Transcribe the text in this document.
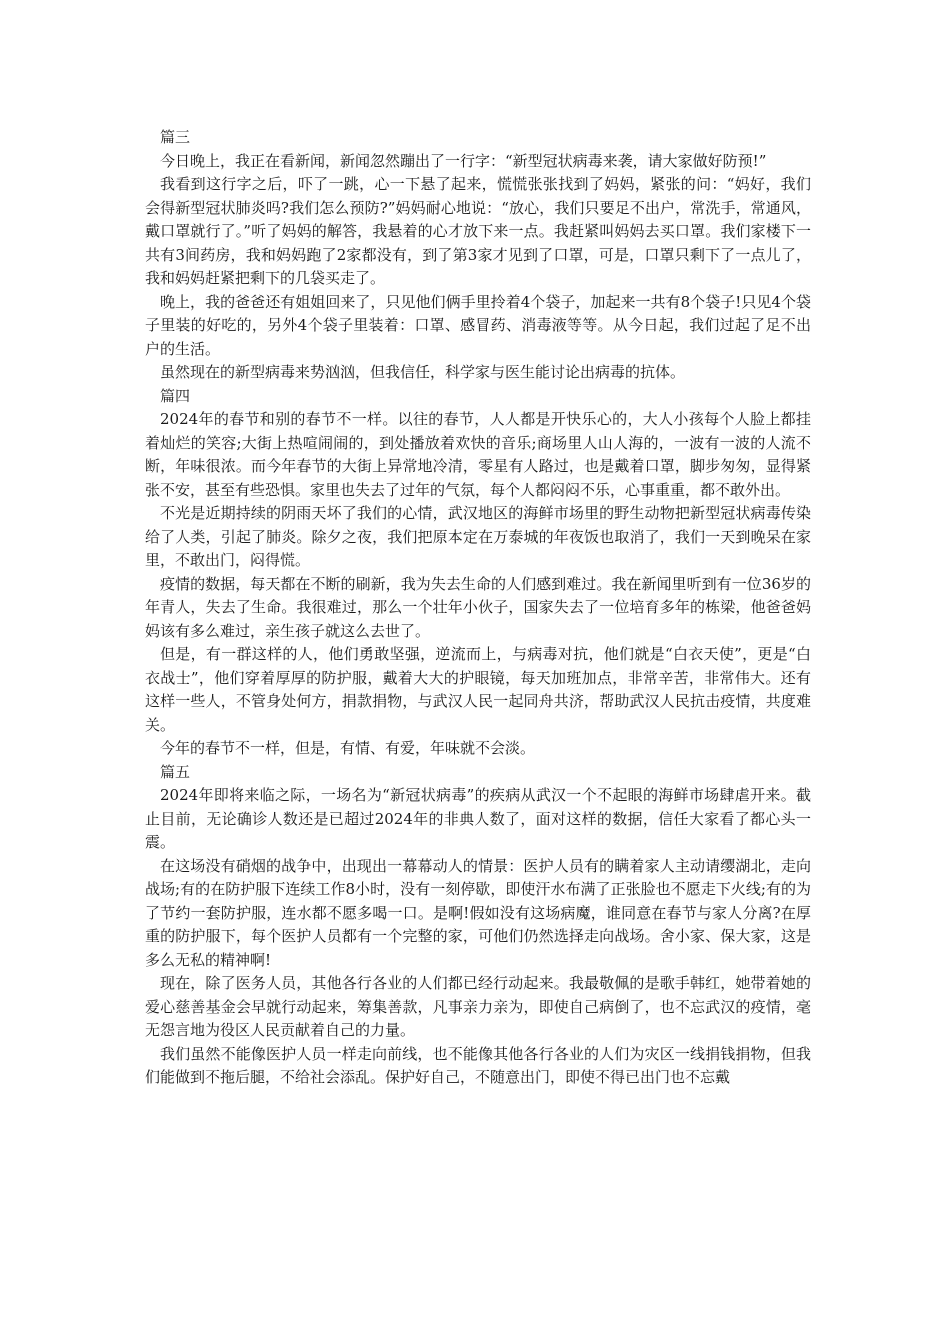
篇三

今日晚上，我正在看新闻，新闻忽然蹦出了一行字：“新型冠状病毒来袭，请大家做好防预!”

我看到这行字之后，吓了一跳，心一下悬了起来，慌慌张张找到了妈妈，紧张的问：“妈好，我们会得新型冠状肺炎吗?我们怎么预防?”妈妈耐心地说：“放心，我们只要足不出户，常洗手，常通风，戴口罩就行了。”听了妈妈的解答，我悬着的心才放下来一点。我赶紧叫妈妈去买口罩。我们家楼下一共有3间药房，我和妈妈跑了2家都没有，到了第3家才见到了口罩，可是，口罩只剩下了一点儿了，我和妈妈赶紧把剩下的几袋买走了。

晚上，我的爸爸还有姐姐回来了，只见他们俩手里拎着4个袋子，加起来一共有8个袋子!只见4个袋子里装的好吃的，另外4个袋子里装着：口罩、感冒药、消毒液等等。从今日起，我们过起了足不出户的生活。

虽然现在的新型病毒来势汹汹，但我信任，科学家与医生能讨论出病毒的抗体。

篇四

2024年的春节和别的春节不一样。以往的春节，人人都是开快乐心的，大人小孩每个人脸上都挂着灿烂的笑容;大街上热喧闹闹的，到处播放着欢快的音乐;商场里人山人海的，一波有一波的人流不断，年味很浓。而今年春节的大街上异常地冷清，零星有人路过，也是戴着口罩，脚步匆匆，显得紧张不安，甚至有些恐惧。家里也失去了过年的气氛，每个人都闷闷不乐，心事重重，都不敢外出。

不光是近期持续的阴雨天坏了我们的心情，武汉地区的海鲜市场里的野生动物把新型冠状病毒传染给了人类，引起了肺炎。除夕之夜，我们把原本定在万泰城的年夜饭也取消了，我们一天到晚呆在家里，不敢出门，闷得慌。

疫情的数据，每天都在不断的刷新，我为失去生命的人们感到难过。我在新闻里听到有一位36岁的年青人，失去了生命。我很难过，那么一个壮年小伙子，国家失去了一位培育多年的栋梁，他爸爸妈妈该有多么难过，亲生孩子就这么去世了。

但是，有一群这样的人，他们勇敢坚强，逆流而上，与病毒对抗，他们就是“白衣天使”，更是“白衣战士”，他们穿着厚厚的防护服，戴着大大的护眼镜，每天加班加点，非常辛苦，非常伟大。还有这样一些人，不管身处何方，捐款捐物，与武汉人民一起同舟共济，帮助武汉人民抗击疫情，共度难关。

今年的春节不一样，但是，有情、有爱，年味就不会淡。

篇五

2024年即将来临之际，一场名为“新冠状病毒”的疾病从武汉一个不起眼的海鲜市场肆虐开来。截止目前，无论确诊人数还是已超过2024年的非典人数了，面对这样的数据，信任大家看了都心头一震。

在这场没有硝烟的战争中，出现出一幕幕动人的情景：医护人员有的瞒着家人主动请缨湖北，走向战场;有的在防护服下连续工作8小时，没有一刻停歇，即使汗水布满了正张脸也不愿走下火线;有的为了节约一套防护服，连水都不愿多喝一口。是啊!假如没有这场病魔，谁同意在春节与家人分离?在厚重的防护服下，每个医护人员都有一个完整的家，可他们仍然选择走向战场。舍小家、保大家，这是多么无私的精神啊!

现在，除了医务人员，其他各行各业的人们都已经行动起来。我最敬佩的是歌手韩红，她带着她的爱心慈善基金会早就行动起来，筹集善款，凡事亲力亲为，即使自己病倒了，也不忘武汉的疫情，毫无怨言地为役区人民贡献着自己的力量。

我们虽然不能像医护人员一样走向前线，也不能像其他各行各业的人们为灾区一线捐钱捐物，但我们能做到不拖后腿，不给社会添乱。保护好自己，不随意出门，即使不得已出门也不忘戴
